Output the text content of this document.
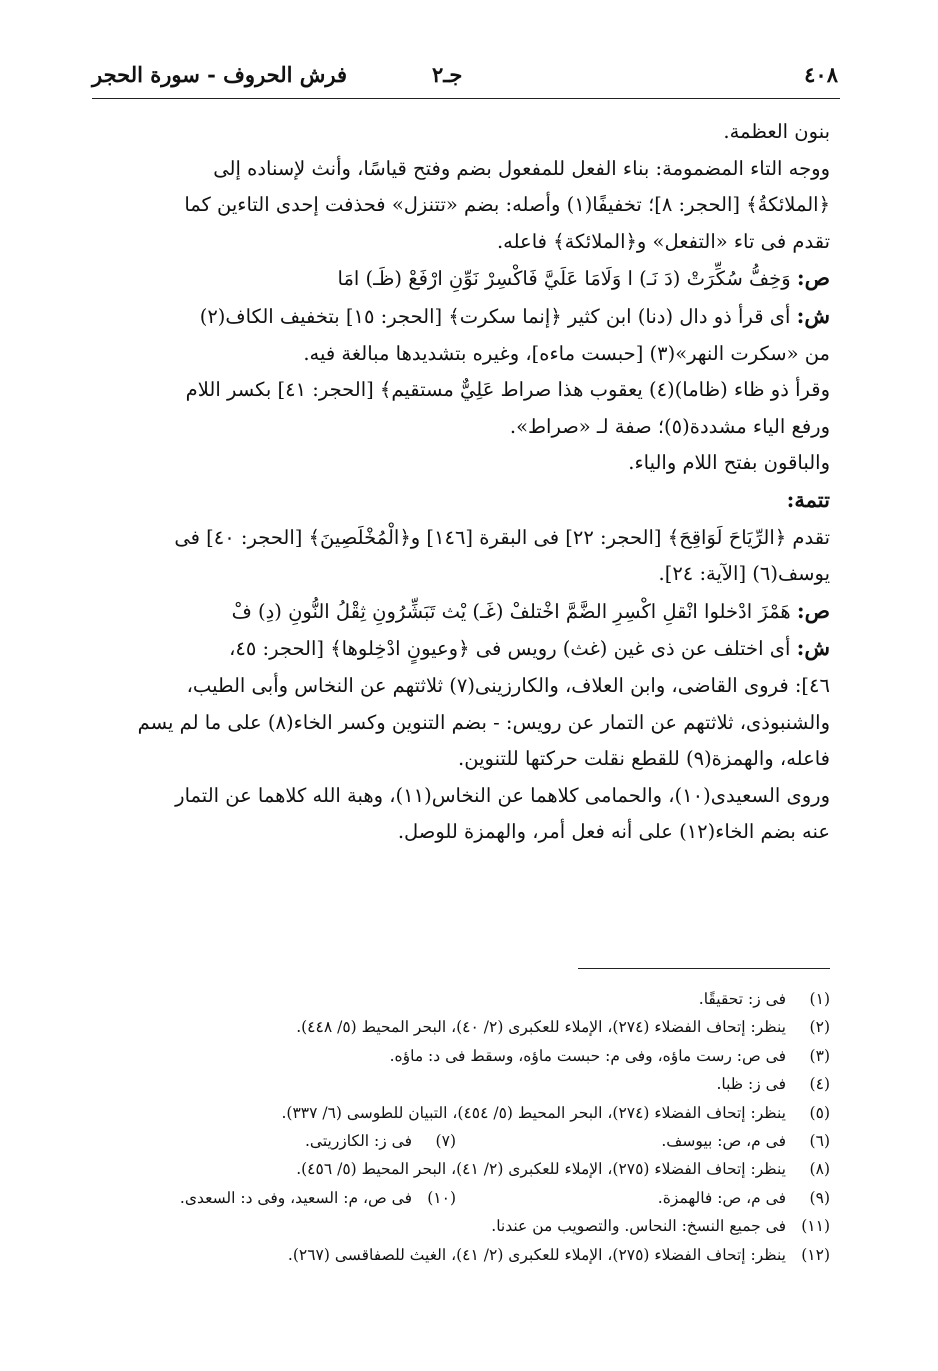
٤٠٨
جـ٢
فرش الحروف - سورة الحجر
بنون العظمة.
ووجه التاء المضمومة: بناء الفعل للمفعول بضم وفتح قياسًا، وأنث لإسناده إلى
﴿الملائكةُ﴾ [الحجر: ٨]؛ تخفيفًا(١) وأصله: بضم «تتنزل» فحذفت إحدى التاءين كما
تقدم فى تاء «التفعل» و﴿الملائكة﴾ فاعله.
ص: وَخِفُّ سُكِّرَتْ (دَ نَـ) ا وَلَامَا عَلَيَّ فَاكْسِرْ نَوِّنِ ارْفَعْ (ظَـ) امَا
ش: أى قرأ ذو دال (دنا) ابن كثير ﴿إنما سكرت﴾ [الحجر: ١٥] بتخفيف الكاف(٢)
من «سكرت النهر»(٣) [حبست ماءه]، وغيره بتشديدها مبالغة فيه.
وقرأ ذو ظاء (ظاما)(٤) يعقوب هذا صراط عَلِيٌّ مستقيم﴾ [الحجر: ٤١] بكسر اللام
ورفع الياء مشددة(٥)؛ صفة لـ «صراط».
والباقون بفتح اللام والياء.
تتمة:
تقدم ﴿الرِّيَاحَ لَوَاقِحَ﴾ [الحجر: ٢٢] فى البقرة [١٤٦] و﴿الْمُخْلَصِينَ﴾ [الحجر: ٤٠] فى
يوسف(٦) [الآية: ٢٤].
ص: هَمْزَ ادْخلوا انْقلِ اكْسِرِ الضَّمَّ اخْتلفْ (غَـ) يْث تَبَشِّرُونِ ثِقْلُ النُّونِ (دِ) فْ
ش: أى اختلف عن ذى غين (غث) رويس فى ﴿وعيونٍ ادْخِلوها﴾ [الحجر: ٤٥،
٤٦]: فروى القاضى، وابن العلاف، والكارزينى(٧) ثلاثتهم عن النخاس وأبى الطيب،
والشنبوذى، ثلاثتهم عن التمار عن رويس: - بضم التنوين وكسر الخاء(٨) على ما لم يسم
فاعله، والهمزة(٩) للقطع نقلت حركتها للتنوين.
وروى السعيدى(١٠)، والحمامى كلاهما عن النخاس(١١)، وهبة الله كلاهما عن التمار
عنه بضم الخاء(١٢) على أنه فعل أمر، والهمزة للوصل.
(١)فى ز: تحقيقًا.
(٢)ينظر: إتحاف الفضلاء (٢٧٤)، الإملاء للعكبرى (٢/ ٤٠)، البحر المحيط (٥/ ٤٤٨).
(٣)فى ص: رست ماؤه، وفى م: حبست ماؤه، وسقط فى د: ماؤه.
(٤)فى ز: ظبا.
(٥)ينظر: إتحاف الفضلاء (٢٧٤)، البحر المحيط (٥/ ٤٥٤)، التبيان للطوسى (٦/ ٣٣٧).
(٦)فى م، ص: بيوسف.(٧)فى ز: الكازريتى.
(٨)ينظر: إتحاف الفضلاء (٢٧٥)، الإملاء للعكبرى (٢/ ٤١)، البحر المحيط (٥/ ٤٥٦).
(٩)فى م، ص: فالهمزة.(١٠)فى ص، م: السعيد، وفى د: السعدى.
(١١)فى جميع النسخ: النحاس. والتصويب من عندنا.
(١٢)ينظر: إتحاف الفضلاء (٢٧٥)، الإملاء للعكبرى (٢/ ٤١)، الغيث للصفاقسى (٢٦٧).
